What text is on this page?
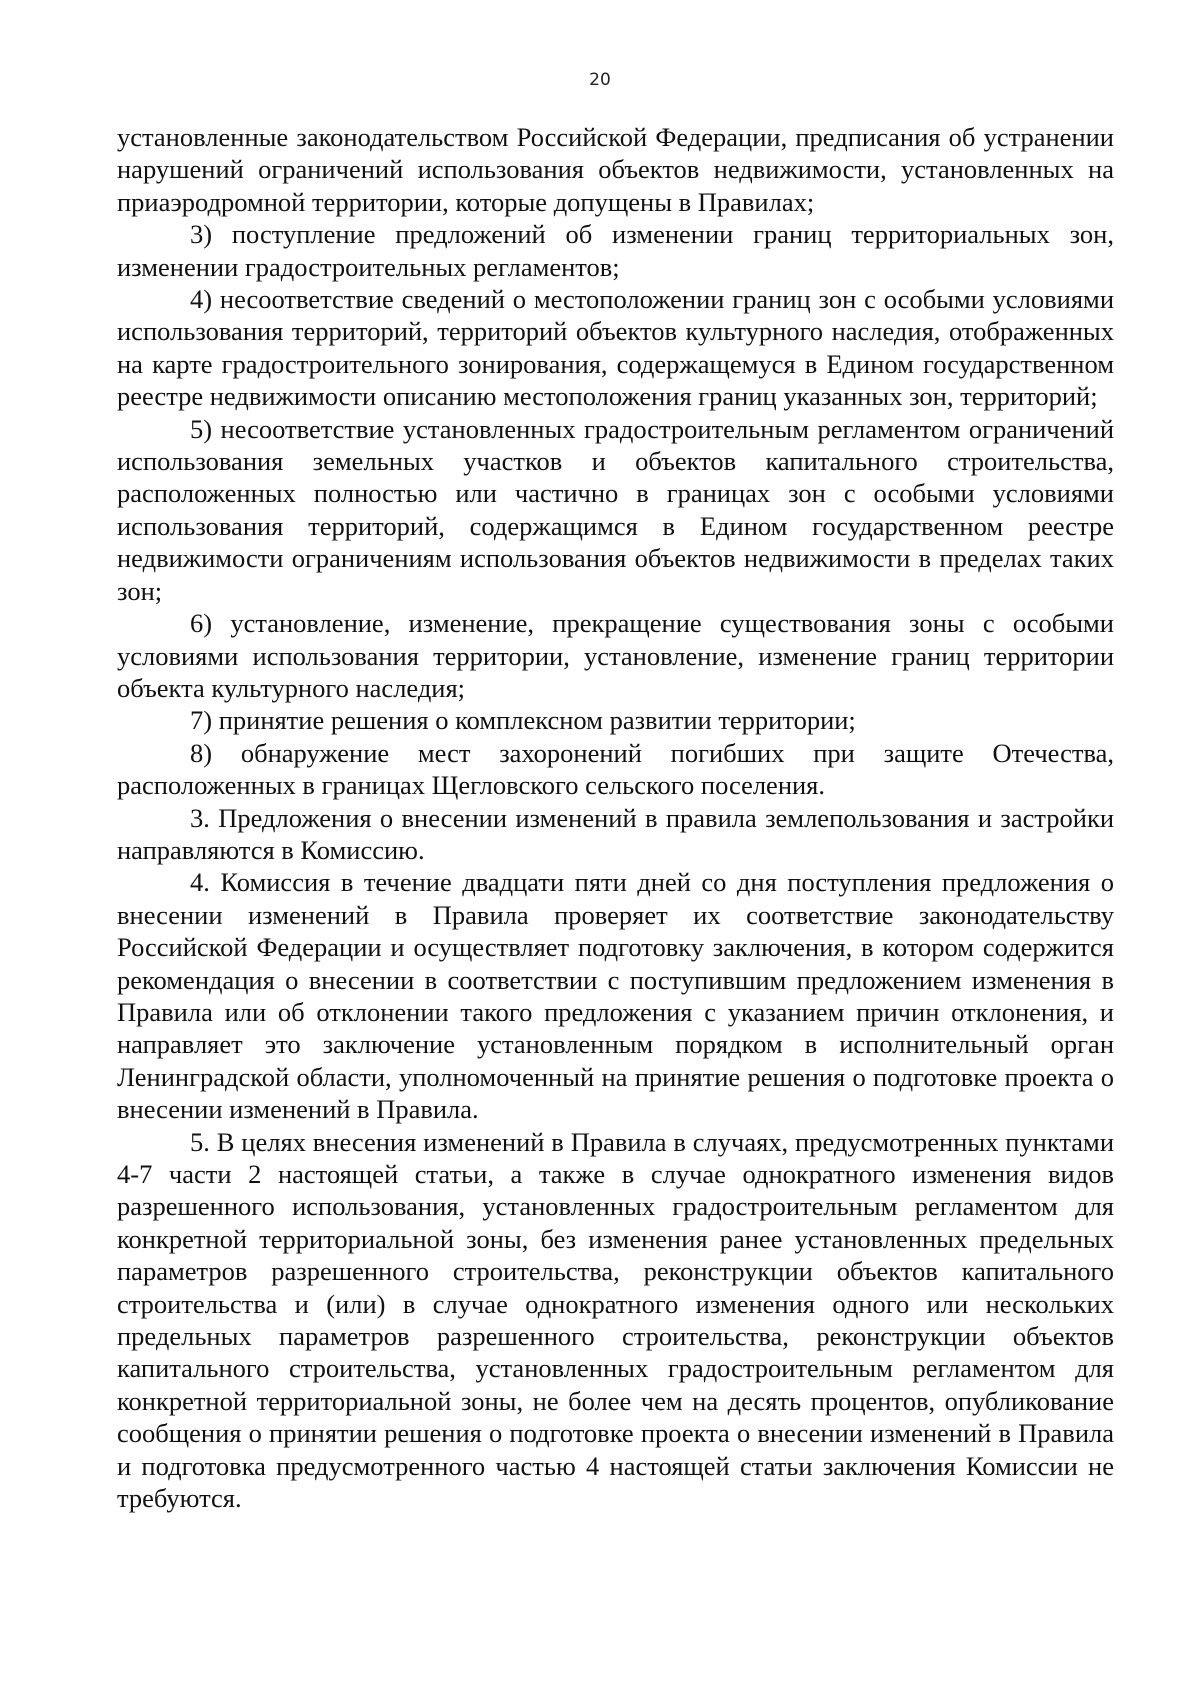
20

установленные законодательством Российской Федерации, предписания об устранении нарушений ограничений использования объектов недвижимости, установленных на приаэродромной территории, которые допущены в Правилах;

3) поступление предложений об изменении границ территориальных зон, изменении градостроительных регламентов;

4) несоответствие сведений о местоположении границ зон с особыми условиями использования территорий, территорий объектов культурного наследия, отображенных на карте градостроительного зонирования, содержащемуся в Едином государственном реестре недвижимости описанию местоположения границ указанных зон, территорий;

5) несоответствие установленных градостроительным регламентом ограничений использования земельных участков и объектов капитального строительства, расположенных полностью или частично в границах зон с особыми условиями использования территорий, содержащимся в Едином государственном реестре недвижимости ограничениям использования объектов недвижимости в пределах таких зон;

6) установление, изменение, прекращение существования зоны с особыми условиями использования территории, установление, изменение границ территории объекта культурного наследия;

7) принятие решения о комплексном развитии территории;

8) обнаружение мест захоронений погибших при защите Отечества, расположенных в границах Щегловского сельского поселения.

3. Предложения о внесении изменений в правила землепользования и застройки направляются в Комиссию.

4. Комиссия в течение двадцати пяти дней со дня поступления предложения о внесении изменений в Правила проверяет их соответствие законодательству Российской Федерации и осуществляет подготовку заключения, в котором содержится рекомендация о внесении в соответствии с поступившим предложением изменения в Правила или об отклонении такого предложения с указанием причин отклонения, и направляет это заключение установленным порядком в исполнительный орган Ленинградской области, уполномоченный на принятие решения о подготовке проекта о внесении изменений в Правила.

5. В целях внесения изменений в Правила в случаях, предусмотренных пунктами 4-7 части 2 настоящей статьи, а также в случае однократного изменения видов разрешенного использования, установленных градостроительным регламентом для конкретной территориальной зоны, без изменения ранее установленных предельных параметров разрешенного строительства, реконструкции объектов капитального строительства и (или) в случае однократного изменения одного или нескольких предельных параметров разрешенного строительства, реконструкции объектов капитального строительства, установленных градостроительным регламентом для конкретной территориальной зоны, не более чем на десять процентов, опубликование сообщения о принятии решения о подготовке проекта о внесении изменений в Правила и подготовка предусмотренного частью 4 настоящей статьи заключения Комиссии не требуются.
